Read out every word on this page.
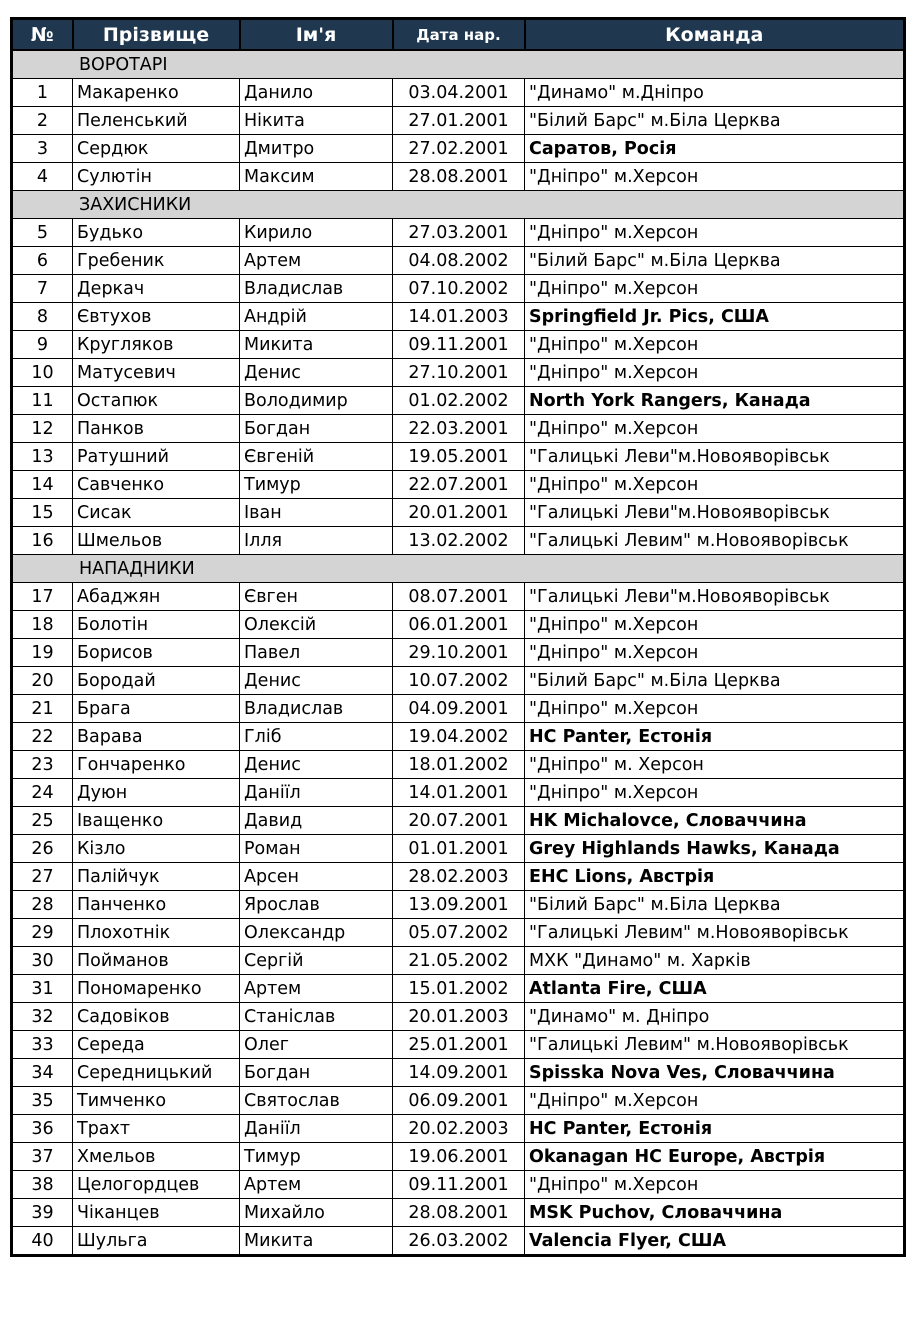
№	Прізвище	Ім'я	Дата нар.	Команда
ВОРОТАРІ				
1	Макаренко	Данило	03.04.2001	"Динамо" м.Дніпро
2	Пеленський	Нікита	27.01.2001	"Білий Барс" м.Біла Церква
3	Сердюк	Дмитро	27.02.2001	Саратов, Росія
4	Сулютін	Максим	28.08.2001	"Дніпро" м.Херсон
ЗАХИСНИКИ				
5	Будько	Кирило	27.03.2001	"Дніпро" м.Херсон
6	Гребеник	Артем	04.08.2002	"Білий Барс" м.Біла Церква
7	Деркач	Владислав	07.10.2002	"Дніпро" м.Херсон
8	Євтухов	Андрій	14.01.2003	Springfield Jr. Pics, США
9	Кругляков	Микита	09.11.2001	"Дніпро" м.Херсон
10	Матусевич	Денис	27.10.2001	"Дніпро" м.Херсон
11	Остапюк	Володимир	01.02.2002	North York Rangers, Канада
12	Панков	Богдан	22.03.2001	"Дніпро" м.Херсон
13	Ратушний	Євгеній	19.05.2001	"Галицькі Леви"м.Новояворівськ
14	Савченко	Тимур	22.07.2001	"Дніпро" м.Херсон
15	Сисак	Іван	20.01.2001	"Галицькі Леви"м.Новояворівськ
16	Шмельов	Ілля	13.02.2002	"Галицькі Левим" м.Новояворівськ
НАПАДНИКИ				
17	Абаджян	Євген	08.07.2001	"Галицькі Леви"м.Новояворівськ
18	Болотін	Олексій	06.01.2001	"Дніпро" м.Херсон
19	Борисов	Павел	29.10.2001	"Дніпро" м.Херсон
20	Бородай	Денис	10.07.2002	"Білий Барс" м.Біла Церква
21	Брага	Владислав	04.09.2001	"Дніпро" м.Херсон
22	Варава	Гліб	19.04.2002	HC Panter, Естонія
23	Гончаренко	Денис	18.01.2002	"Дніпро" м. Херсон
24	Дуюн	Даніїл	14.01.2001	"Дніпро" м.Херсон
25	Іващенко	Давид	20.07.2001	HK Michalovce, Словаччина
26	Кізло	Роман	01.01.2001	Grey Highlands Hawks, Канада
27	Палійчук	Арсен	28.02.2003	EHC Lions, Австрія
28	Панченко	Ярослав	13.09.2001	"Білий Барс" м.Біла Церква
29	Плохотнік	Олександр	05.07.2002	"Галицькі Левим" м.Новояворівськ
30	Пойманов	Сергій	21.05.2002	МХК "Динамо" м. Харків
31	Пономаренко	Артем	15.01.2002	Atlanta Fire, США
32	Садовіков	Станіслав	20.01.2003	"Динамо" м. Дніпро
33	Середа	Олег	25.01.2001	"Галицькі Левим" м.Новояворівськ
34	Середницький	Богдан	14.09.2001	Spisska Nova Ves, Словаччина
35	Тимченко	Святослав	06.09.2001	"Дніпро" м.Херсон
36	Трахт	Даніїл	20.02.2003	HC Panter, Естонія
37	Хмельов	Тимур	19.06.2001	Okanagan HC Europe, Австрія
38	Целогордцев	Артем	09.11.2001	"Дніпро" м.Херсон
39	Чіканцев	Михайло	28.08.2001	MSK Puchov, Словаччина
40	Шульга	Микита	26.03.2002	Valencia Flyer, США
